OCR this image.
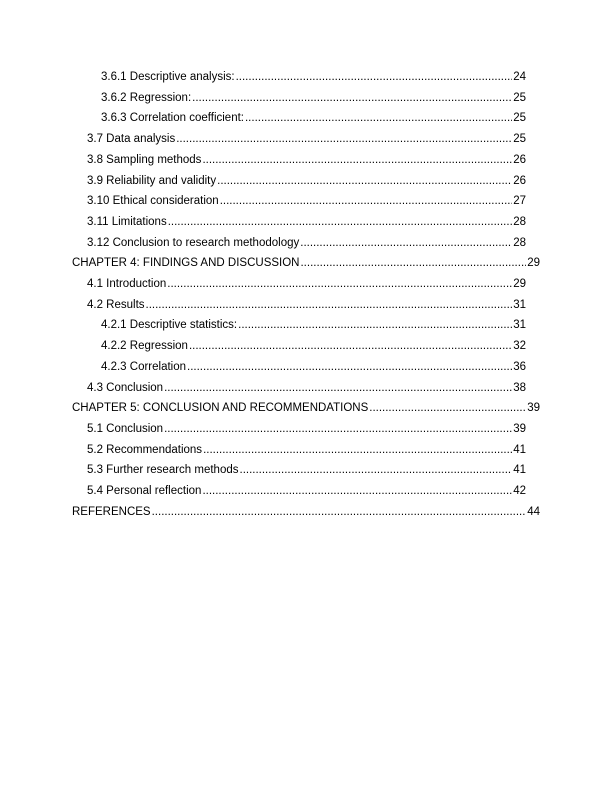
3.6.1 Descriptive analysis: .....	24
3.6.2 Regression: .....	25
3.6.3 Correlation coefficient: .....	25
3.7 Data analysis .....	25
3.8 Sampling methods .....	26
3.9 Reliability and validity .....	26
3.10 Ethical consideration .....	27
3.11 Limitations .....	28
3.12 Conclusion to research methodology .....	28
CHAPTER 4: FINDINGS AND DISCUSSION .....	29
4.1 Introduction .....	29
4.2 Results .....	31
4.2.1 Descriptive statistics: .....	31
4.2.2 Regression .....	32
4.2.3 Correlation .....	36
4.3 Conclusion .....	38
CHAPTER 5: CONCLUSION AND RECOMMENDATIONS .....	39
5.1 Conclusion .....	39
5.2 Recommendations .....	41
5.3 Further research methods .....	41
5.4 Personal reflection .....	42
REFERENCES .....	44
